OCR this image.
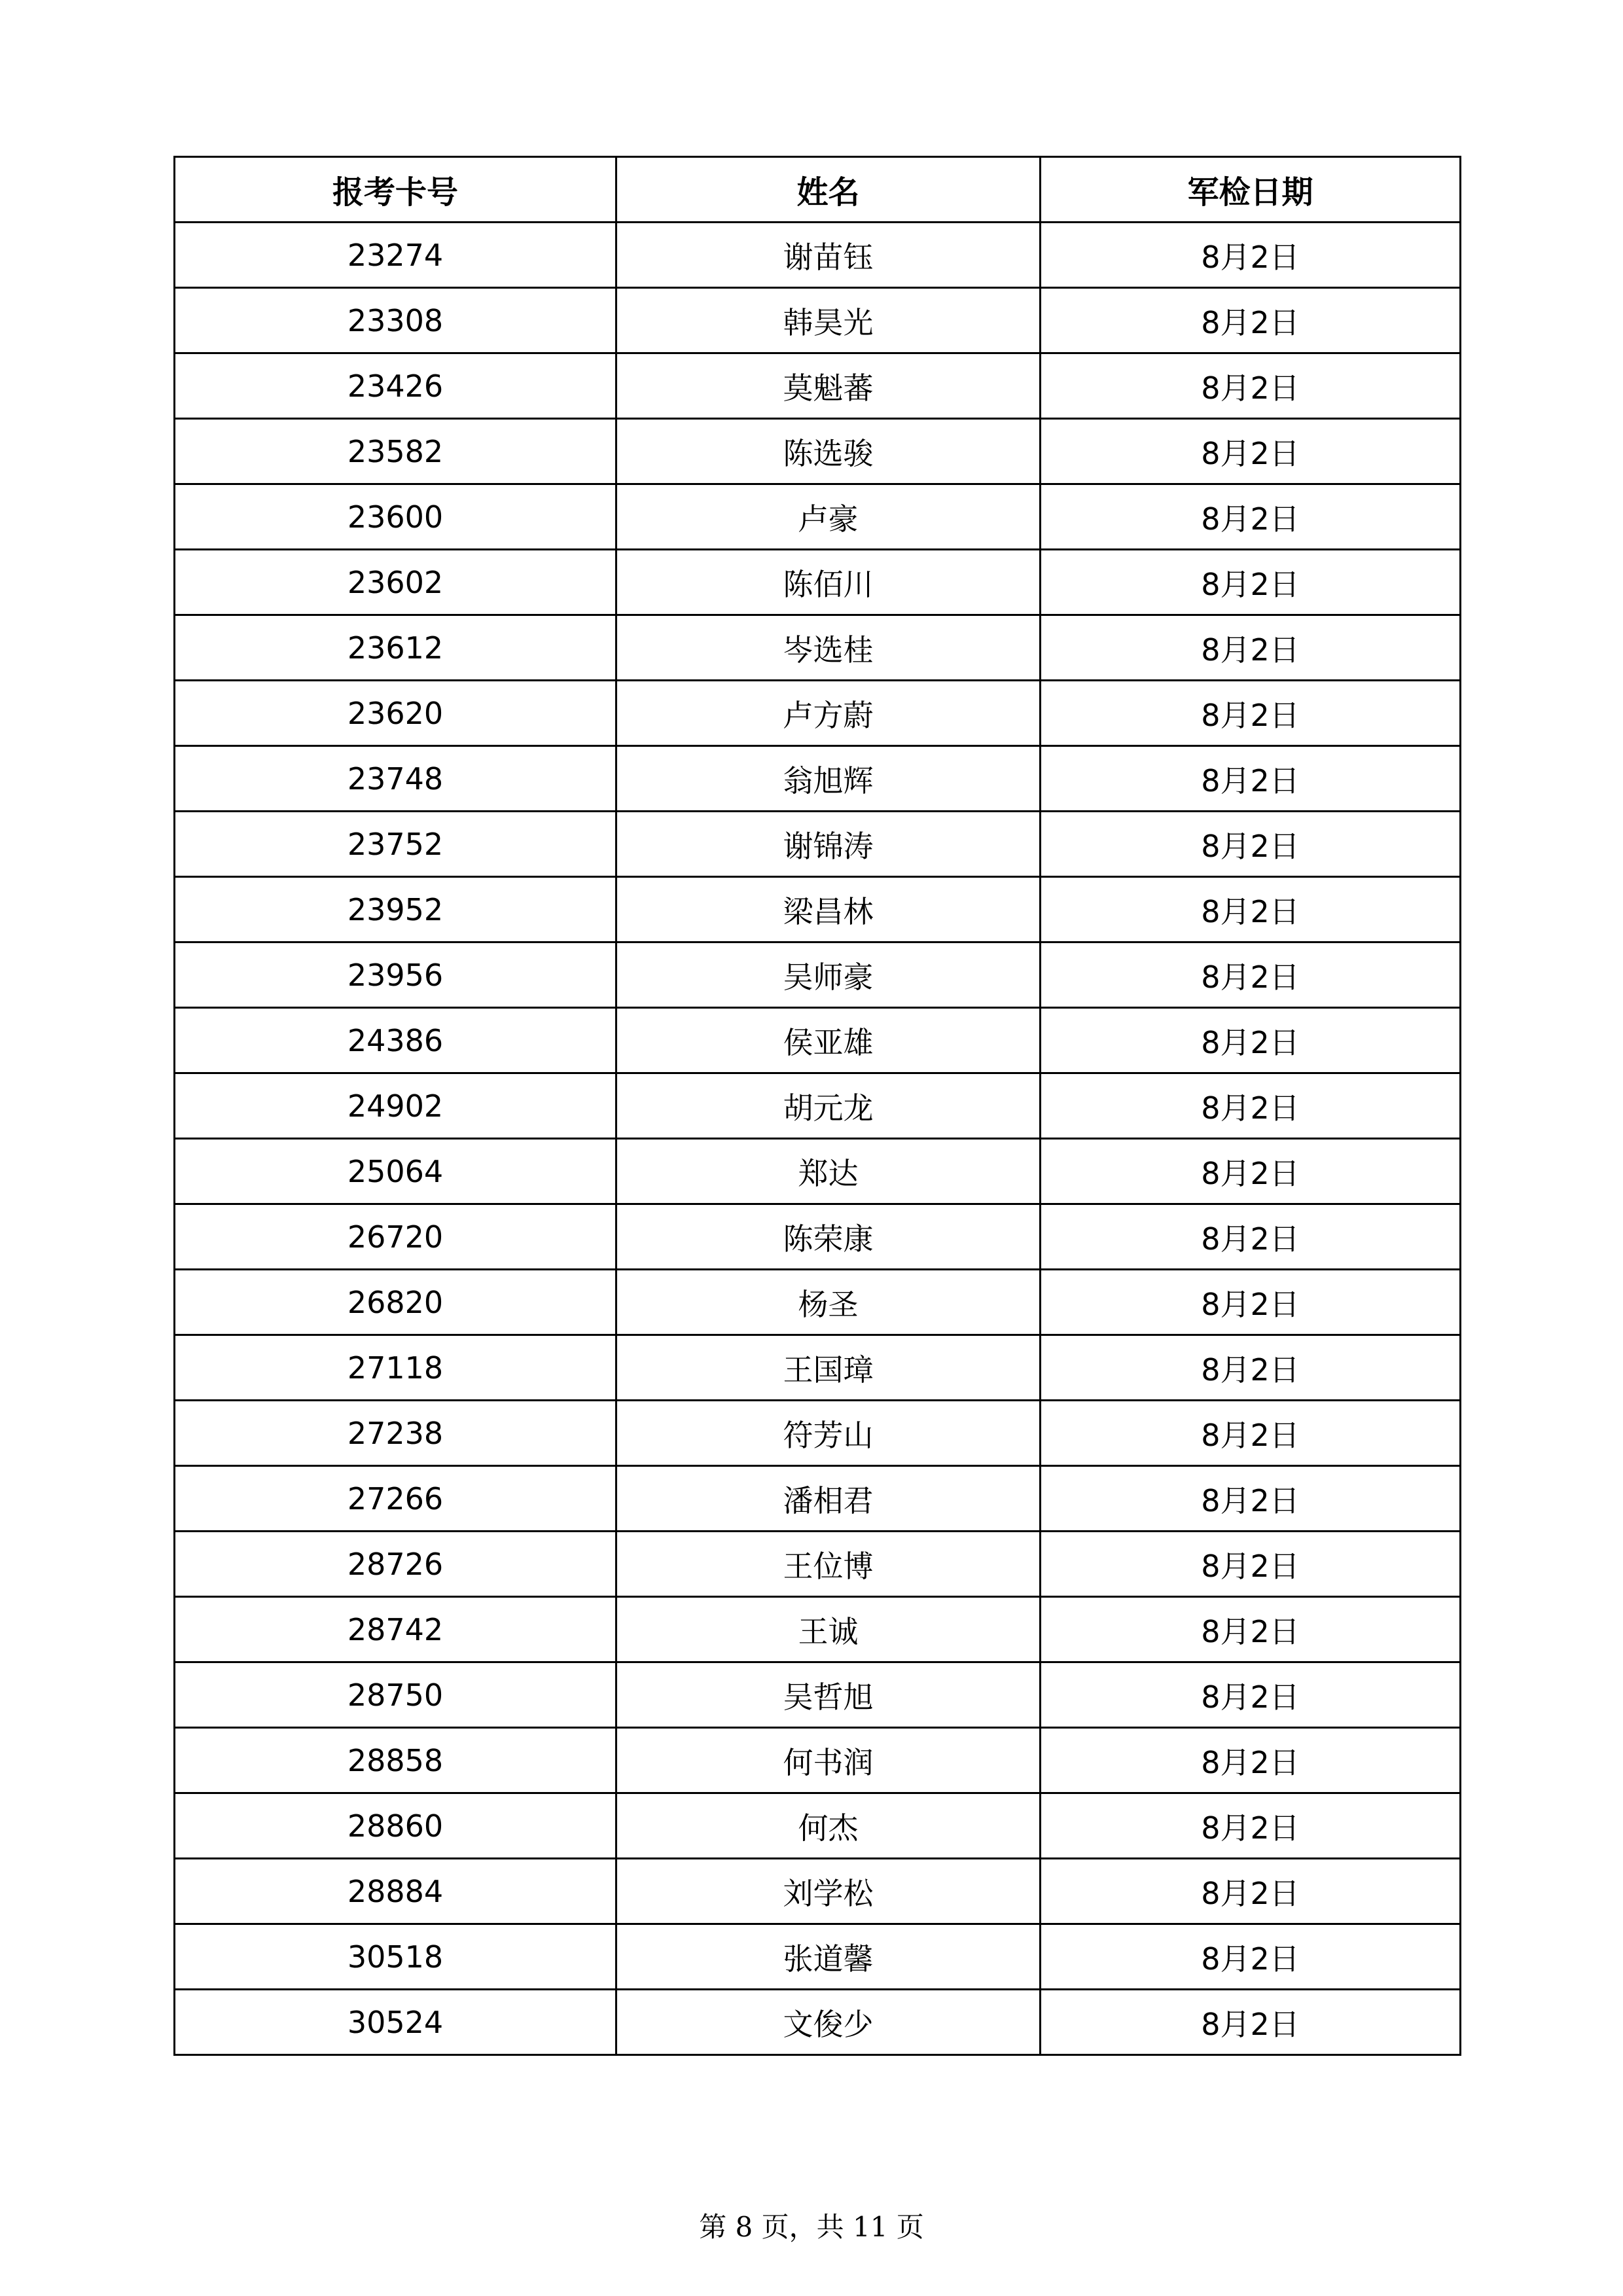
报考卡号	姓名	军检日期
23274	谢苗钰	8月2日
23308	韩昊光	8月2日
23426	莫魁蕃	8月2日
23582	陈选骏	8月2日
23600	卢豪	8月2日
23602	陈佰川	8月2日
23612	岑选桂	8月2日
23620	卢方蔚	8月2日
23748	翁旭辉	8月2日
23752	谢锦涛	8月2日
23952	梁昌林	8月2日
23956	吴师豪	8月2日
24386	侯亚雄	8月2日
24902	胡元龙	8月2日
25064	郑达	8月2日
26720	陈荣康	8月2日
26820	杨圣	8月2日
27118	王国璋	8月2日
27238	符芳山	8月2日
27266	潘相君	8月2日
28726	王位博	8月2日
28742	王诚	8月2日
28750	吴哲旭	8月2日
28858	何书润	8月2日
28860	何杰	8月2日
28884	刘学松	8月2日
30518	张道馨	8月2日
30524	文俊少	8月2日
第 8 页，共 11 页
